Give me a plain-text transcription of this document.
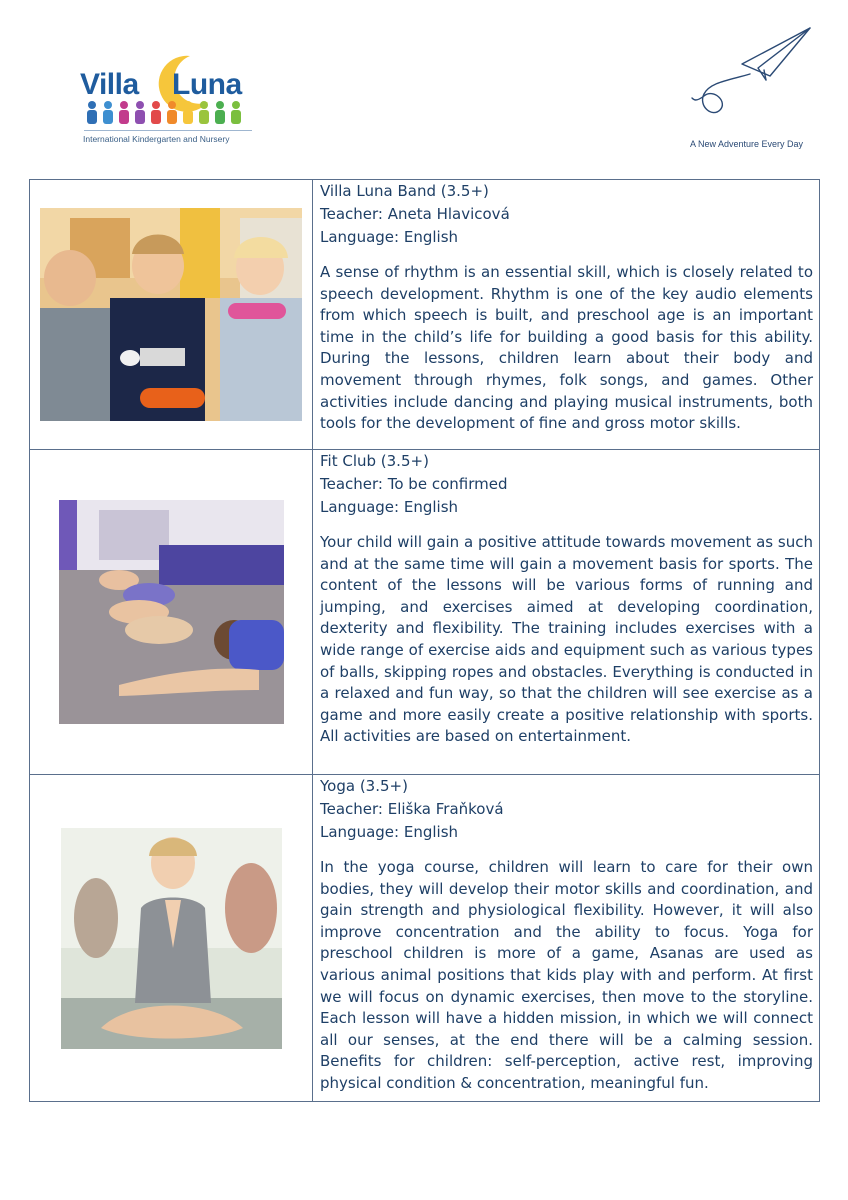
Villa Luna
International Kindergarten and Nursery	A New Adventure Every Day

Villa Luna Band (3.5+)

Teacher: Aneta Hlavicová

Language: English

A sense of rhythm is an essential skill, which is closely related to speech development. Rhythm is one of the key audio elements from which speech is built, and preschool age is an important time in the child’s life for building a good basis for this ability. During the lessons, children learn about their body and movement through rhymes, folk songs, and games. Other activities include dancing and playing musical instruments, both tools for the development of fine and gross motor skills.

Fit Club (3.5+)

Teacher: To be confirmed

Language: English

Your child will gain a positive attitude towards movement as such and at the same time will gain a movement basis for sports. The content of the lessons will be various forms of running and jumping, and exercises aimed at developing coordination, dexterity and flexibility. The training includes exercises with a wide range of exercise aids and equipment such as various types of balls, skipping ropes and obstacles. Everything is conducted in a relaxed and fun way, so that the children will see exercise as a game and more easily create a positive relationship with sports. All activities are based on entertainment.

Yoga (3.5+)

Teacher: Eliška Fraňková

Language: English

In the yoga course, children will learn to care for their own bodies, they will develop their motor skills and coordination, and gain strength and physiological flexibility. However, it will also improve concentration and the ability to focus. Yoga for preschool children is more of a game, Asanas are used as various animal positions that kids play with and perform. At first we will focus on dynamic exercises, then move to the storyline. Each lesson will have a hidden mission, in which we will connect all our senses, at the end there will be a calming session. Benefits for children: self-perception, active rest, improving physical condition & concentration, meaningful fun.
